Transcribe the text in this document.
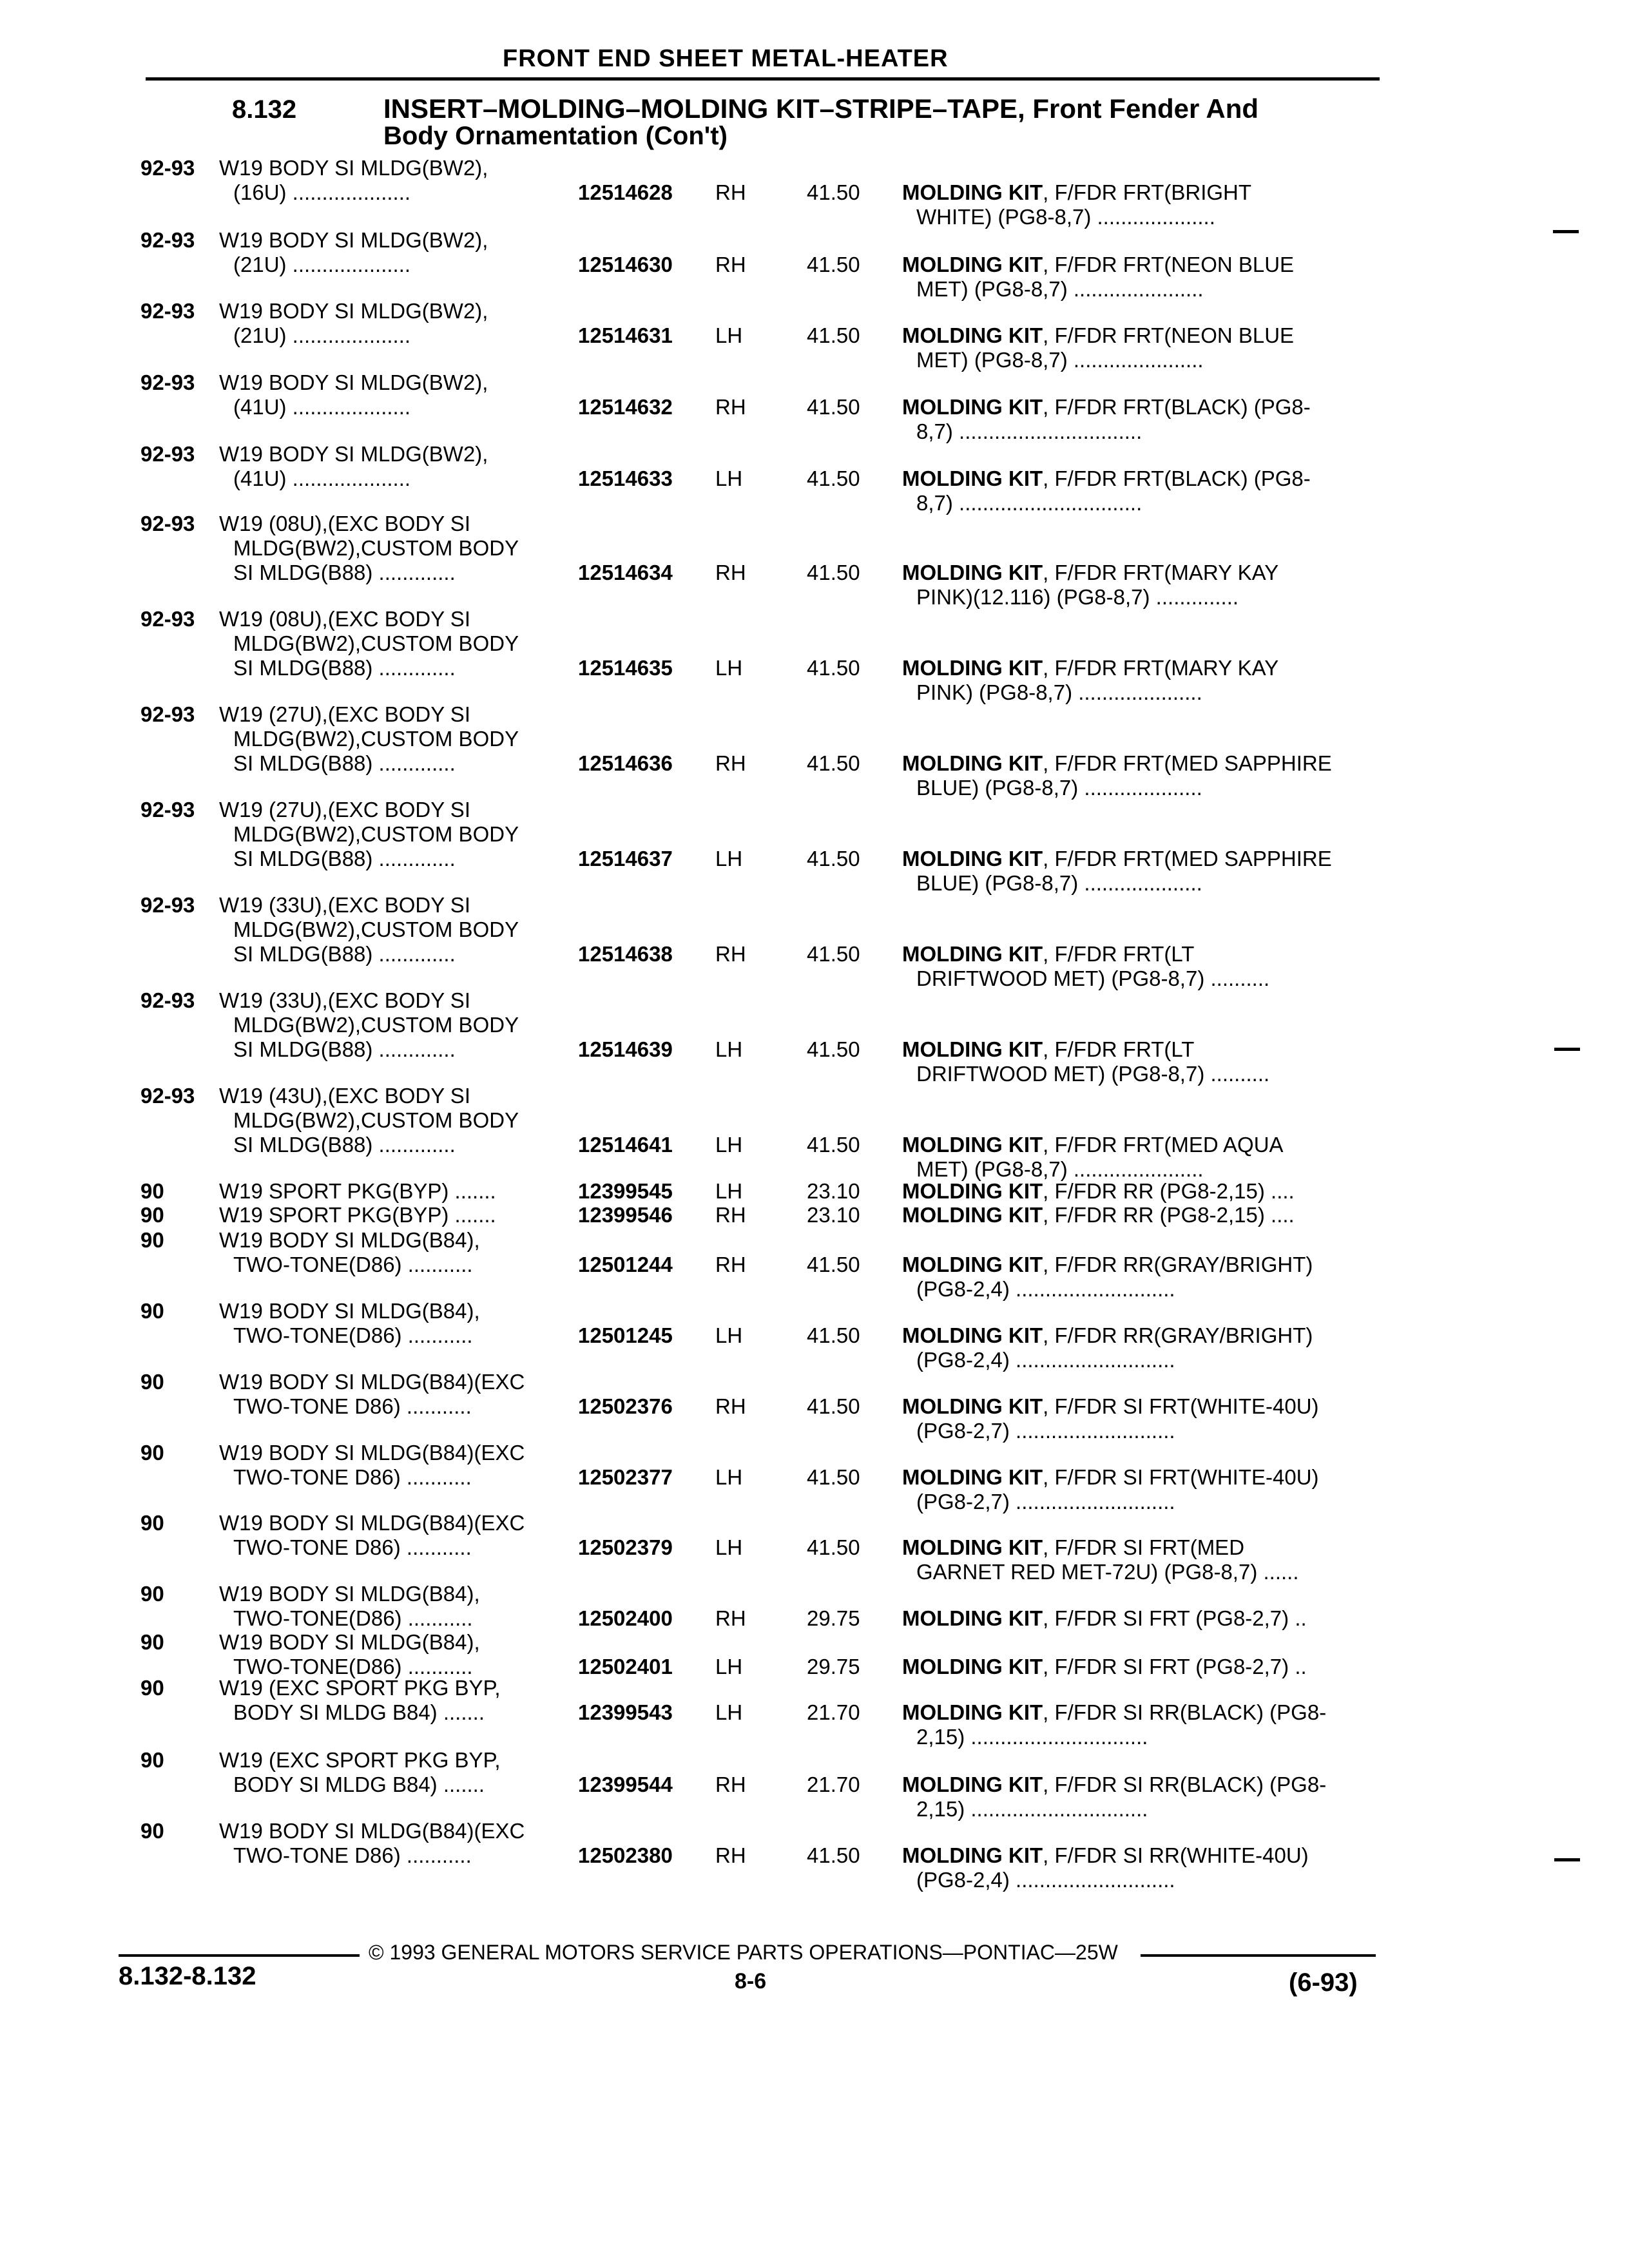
FRONT END SHEET METAL-HEATER
8.132	INSERT–MOLDING–MOLDING KIT–STRIPE–TAPE, Front Fender And
Body Ornamentation (Con't)
92-93 W19 BODY SI MLDG(BW2),
(16U) ....................	12514628 RH	41.50 MOLDING KIT, F/FDR FRT(BRIGHT
WHITE) (PG8-8,7) ....................
92-93 W19 BODY SI MLDG(BW2),
(21U) ....................	12514630 RH	41.50 MOLDING KIT, F/FDR FRT(NEON BLUE
MET) (PG8-8,7) ......................
92-93 W19 BODY SI MLDG(BW2),
(21U) ....................	12514631 LH	41.50 MOLDING KIT, F/FDR FRT(NEON BLUE
MET) (PG8-8,7) ......................
92-93 W19 BODY SI MLDG(BW2),
(41U) ....................	12514632 RH	41.50 MOLDING KIT, F/FDR FRT(BLACK) (PG8-
8,7) ...............................
92-93 W19 BODY SI MLDG(BW2),
(41U) ....................	12514633 LH	41.50 MOLDING KIT, F/FDR FRT(BLACK) (PG8-
8,7) ...............................
92-93 W19 (08U),(EXC BODY SI
MLDG(BW2),CUSTOM BODY
SI MLDG(B88) .............	12514634 RH	41.50 MOLDING KIT, F/FDR FRT(MARY KAY
PINK)(12.116) (PG8-8,7) ..............
92-93 W19 (08U),(EXC BODY SI
MLDG(BW2),CUSTOM BODY
SI MLDG(B88) .............	12514635 LH	41.50 MOLDING KIT, F/FDR FRT(MARY KAY
PINK) (PG8-8,7) .....................
92-93 W19 (27U),(EXC BODY SI
MLDG(BW2),CUSTOM BODY
SI MLDG(B88) .............	12514636 RH	41.50 MOLDING KIT, F/FDR FRT(MED SAPPHIRE
BLUE) (PG8-8,7) ....................
92-93 W19 (27U),(EXC BODY SI
MLDG(BW2),CUSTOM BODY
SI MLDG(B88) .............	12514637 LH	41.50 MOLDING KIT, F/FDR FRT(MED SAPPHIRE
BLUE) (PG8-8,7) ....................
92-93 W19 (33U),(EXC BODY SI
MLDG(BW2),CUSTOM BODY
SI MLDG(B88) .............	12514638 RH	41.50 MOLDING KIT, F/FDR FRT(LT
DRIFTWOOD MET) (PG8-8,7) ..........
92-93 W19 (33U),(EXC BODY SI
MLDG(BW2),CUSTOM BODY
SI MLDG(B88) .............	12514639 LH	41.50 MOLDING KIT, F/FDR FRT(LT
DRIFTWOOD MET) (PG8-8,7) ..........
92-93 W19 (43U),(EXC BODY SI
MLDG(BW2),CUSTOM BODY
SI MLDG(B88) .............	12514641 LH	41.50 MOLDING KIT, F/FDR FRT(MED AQUA
MET) (PG8-8,7) ......................
90	W19 SPORT PKG(BYP) .......	12399545 LH	23.10 MOLDING KIT, F/FDR RR (PG8-2,15) ....
90	W19 SPORT PKG(BYP) .......	12399546 RH	23.10 MOLDING KIT, F/FDR RR (PG8-2,15) ....
90	W19 BODY SI MLDG(B84),
TWO-TONE(D86) ...........	12501244 RH	41.50 MOLDING KIT, F/FDR RR(GRAY/BRIGHT)
(PG8-2,4) ...........................
90	W19 BODY SI MLDG(B84),
TWO-TONE(D86) ...........	12501245 LH	41.50 MOLDING KIT, F/FDR RR(GRAY/BRIGHT)
(PG8-2,4) ...........................
90	W19 BODY SI MLDG(B84)(EXC
TWO-TONE D86) ...........	12502376 RH	41.50 MOLDING KIT, F/FDR SI FRT(WHITE-40U)
(PG8-2,7) ...........................
90	W19 BODY SI MLDG(B84)(EXC
TWO-TONE D86) ...........	12502377 LH	41.50 MOLDING KIT, F/FDR SI FRT(WHITE-40U)
(PG8-2,7) ...........................
90	W19 BODY SI MLDG(B84)(EXC
TWO-TONE D86) ...........	12502379 LH	41.50 MOLDING KIT, F/FDR SI FRT(MED
GARNET RED MET-72U) (PG8-8,7) ......
90	W19 BODY SI MLDG(B84),
TWO-TONE(D86) ...........	12502400 RH	29.75 MOLDING KIT, F/FDR SI FRT (PG8-2,7) ..
90	W19 BODY SI MLDG(B84),
TWO-TONE(D86) ...........	12502401 LH	29.75 MOLDING KIT, F/FDR SI FRT (PG8-2,7) ..
90	W19 (EXC SPORT PKG BYP,
BODY SI MLDG B84) .......	12399543 LH	21.70 MOLDING KIT, F/FDR SI RR(BLACK) (PG8-
2,15) ..............................
90	W19 (EXC SPORT PKG BYP,
BODY SI MLDG B84) .......	12399544 RH	21.70 MOLDING KIT, F/FDR SI RR(BLACK) (PG8-
2,15) ..............................
90	W19 BODY SI MLDG(B84)(EXC
TWO-TONE D86) ...........	12502380 RH	41.50 MOLDING KIT, F/FDR SI RR(WHITE-40U)
(PG8-2,4) ...........................
© 1993 GENERAL MOTORS SERVICE PARTS OPERATIONS—PONTIAC—25W
8.132-8.132	8-6	(6-93)
